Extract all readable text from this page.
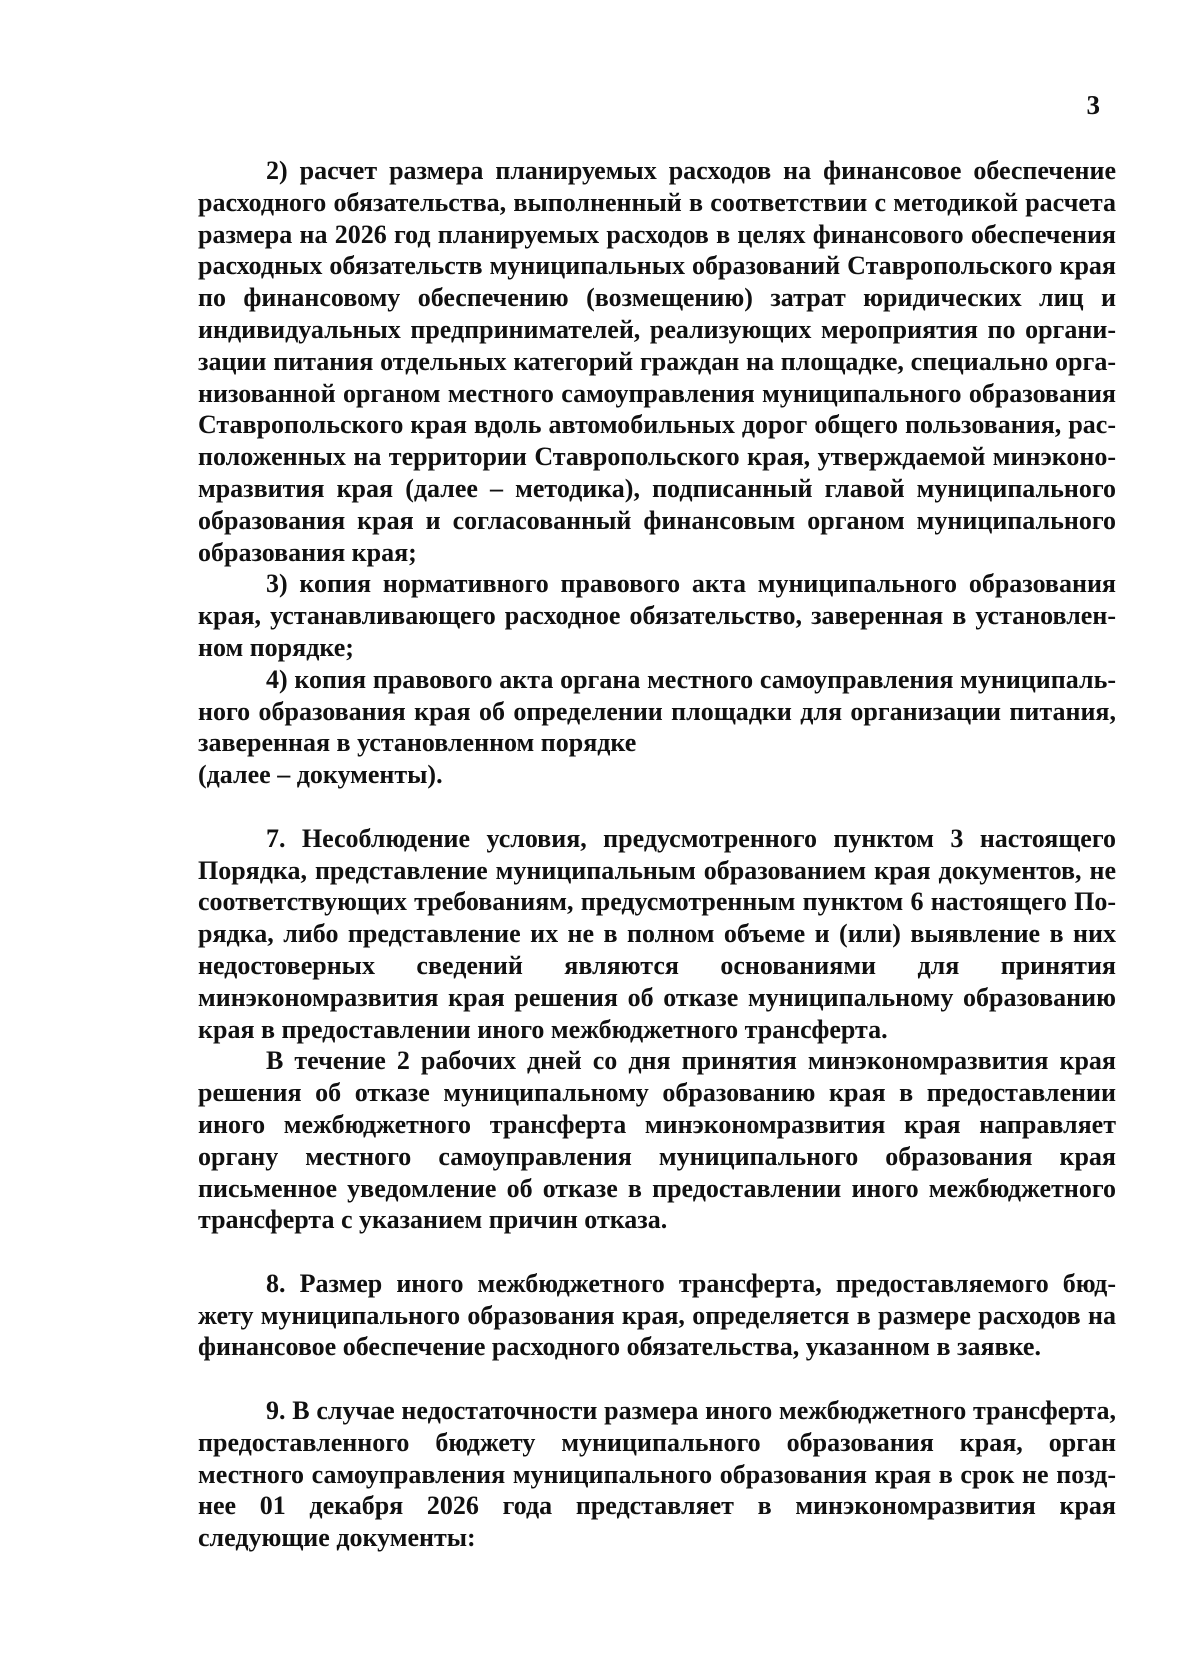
3

2) расчет размера планируемых расходов на финансовое обеспечение расходного обязательства, выполненный в соответствии с методикой расчета размера на 2026 год планируемых расходов в целях финансового обеспечения расходных обязательств муниципальных образований Ставропольского края по финансовому обеспечению (возмещению) затрат юридических лиц и индивидуальных предпринимателей, реализующих мероприятия по организации питания отдельных категорий граждан на площадке, специально организованной органом местного самоуправления муниципального образования Ставропольского края вдоль автомобильных дорог общего пользования, расположенных на территории Ставропольского края, утверждаемой минэкономразвития края (далее – методика), подписанный главой муниципального образования края и согласованный финансовым органом муниципального образования края;

3) копия нормативного правового акта муниципального образования края, устанавливающего расходное обязательство, заверенная в установленном порядке;

4) копия правового акта органа местного самоуправления муниципального образования края об определении площадки для организации питания, заверенная в установленном порядке

(далее – документы).

7. Несоблюдение условия, предусмотренного пунктом 3 настоящего Порядка, представление муниципальным образованием края документов, не соответствующих требованиям, предусмотренным пунктом 6 настоящего Порядка, либо представление их не в полном объеме и (или) выявление в них недостоверных сведений являются основаниями для принятия минэкономразвития края решения об отказе муниципальному образованию края в предоставлении иного межбюджетного трансферта.

В течение 2 рабочих дней со дня принятия минэкономразвития края решения об отказе муниципальному образованию края в предоставлении иного межбюджетного трансферта минэкономразвития края направляет органу местного самоуправления муниципального образования края письменное уведомление об отказе в предоставлении иного межбюджетного трансферта с указанием причин отказа.

8. Размер иного межбюджетного трансферта, предоставляемого бюджету муниципального образования края, определяется в размере расходов на финансовое обеспечение расходного обязательства, указанном в заявке.

9. В случае недостаточности размера иного межбюджетного трансферта, предоставленного бюджету муниципального образования края, орган местного самоуправления муниципального образования края в срок не позднее 01 декабря 2026 года представляет в минэкономразвития края следующие документы:
